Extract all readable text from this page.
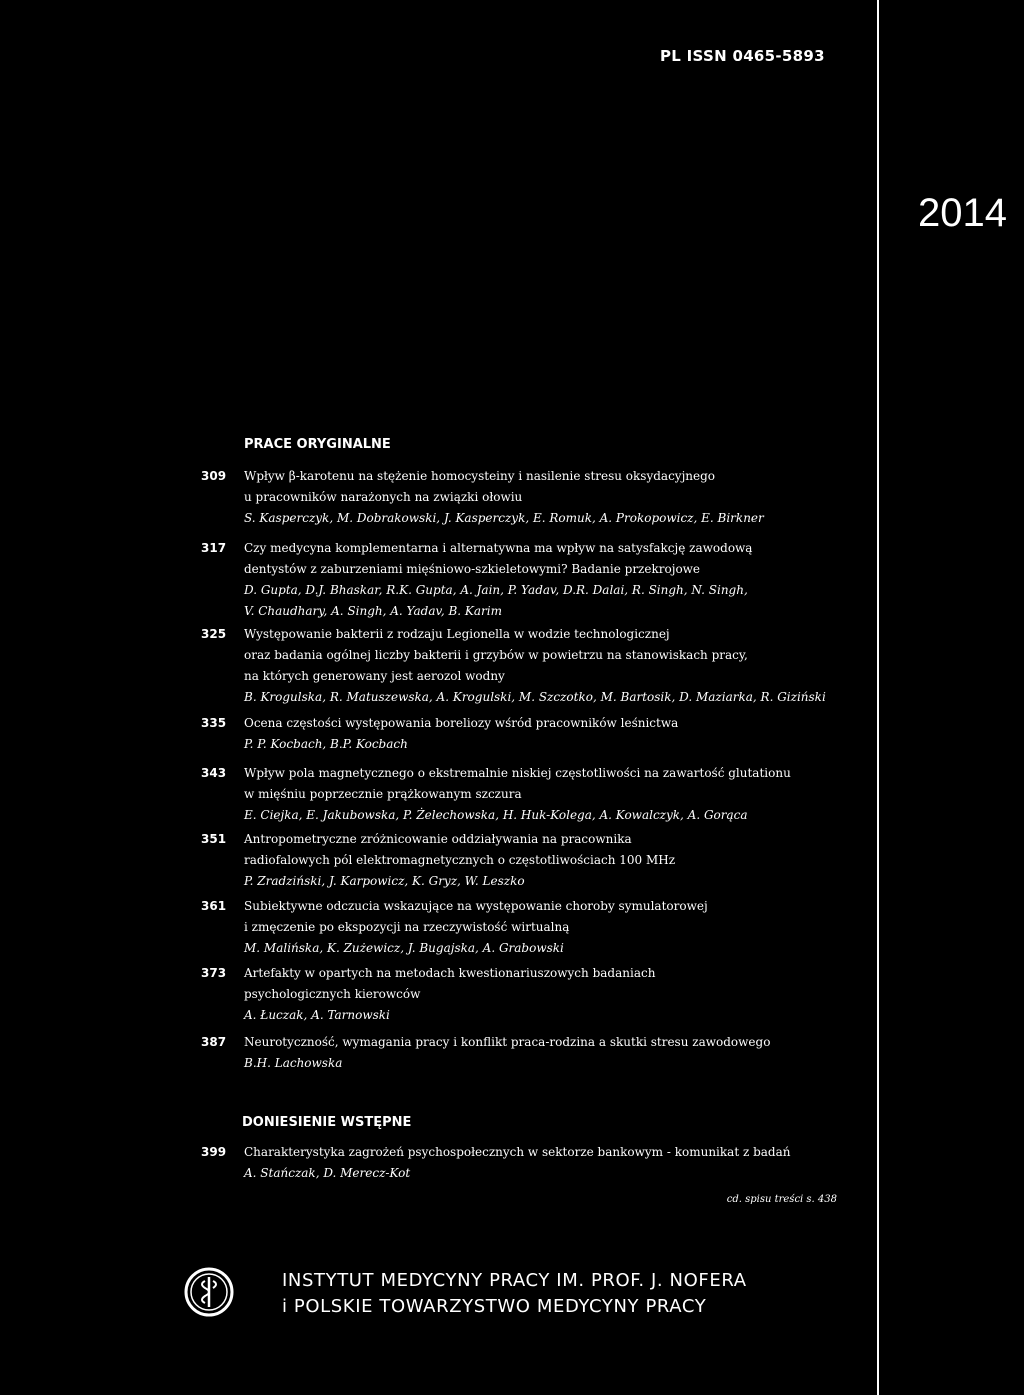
PL ISSN 0465-5893
2014
PRACE ORYGINALNE
309	Wpływ β-karotenu na stężenie homocysteiny i nasilenie stresu oksydacyjnego
u pracowników narażonych na związki ołowiu
S. Kasperczyk, M. Dobrakowski, J. Kasperczyk, E. Romuk, A. Prokopowicz, E. Birkner
317	Czy medycyna komplementarna i alternatywna ma wpływ na satysfakcję zawodową
dentystów z zaburzeniami mięśniowo-szkieletowymi? Badanie przekrojowe
D. Gupta, D.J. Bhaskar, R.K. Gupta, A. Jain, P. Yadav, D.R. Dalai, R. Singh, N. Singh,
V. Chaudhary, A. Singh, A. Yadav, B. Karim
325	Występowanie bakterii z rodzaju Legionella w wodzie technologicznej
oraz badania ogólnej liczby bakterii i grzybów w powietrzu na stanowiskach pracy,
na których generowany jest aerozol wodny
B. Krogulska, R. Matuszewska, A. Krogulski, M. Szczotko, M. Bartosik, D. Maziarka, R. Giziński
335	Ocena częstości występowania boreliozy wśród pracowników leśnictwa
P. P. Kocbach, B.P. Kocbach
343	Wpływ pola magnetycznego o ekstremalnie niskiej częstotliwości na zawartość glutationu
w mięśniu poprzecznie prążkowanym szczura
E. Ciejka, E. Jakubowska, P. Żelechowska, H. Huk-Kolega, A. Kowalczyk, A. Gorąca
351	Antropometryczne zróżnicowanie oddziaływania na pracownika
radiofalowych pól elektromagnetycznych o częstotliwościach 100 MHz
P. Zradziński, J. Karpowicz, K. Gryz, W. Leszko
361	Subiektywne odczucia wskazujące na występowanie choroby symulatorowej
i zmęczenie po ekspozycji na rzeczywistość wirtualną
M. Malińska, K. Zużewicz, J. Bugajska, A. Grabowski
373	Artefakty w opartych na metodach kwestionariuszowych badaniach
psychologicznych kierowców
A. Łuczak, A. Tarnowski
387	Neurotyczność, wymagania pracy i konflikt praca-rodzina a skutki stresu zawodowego
B.H. Lachowska
DONIESIENIE WSTĘPNE
399	Charakterystyka zagrożeń psychospołecznych w sektorze bankowym - komunikat z badań
A. Stańczak, D. Merecz-Kot
cd. spisu treści s. 438
INSTYTUT MEDYCYNY PRACY IM. PROF. J. NOFERA
i POLSKIE TOWARZYSTWO MEDYCYNY PRACY
